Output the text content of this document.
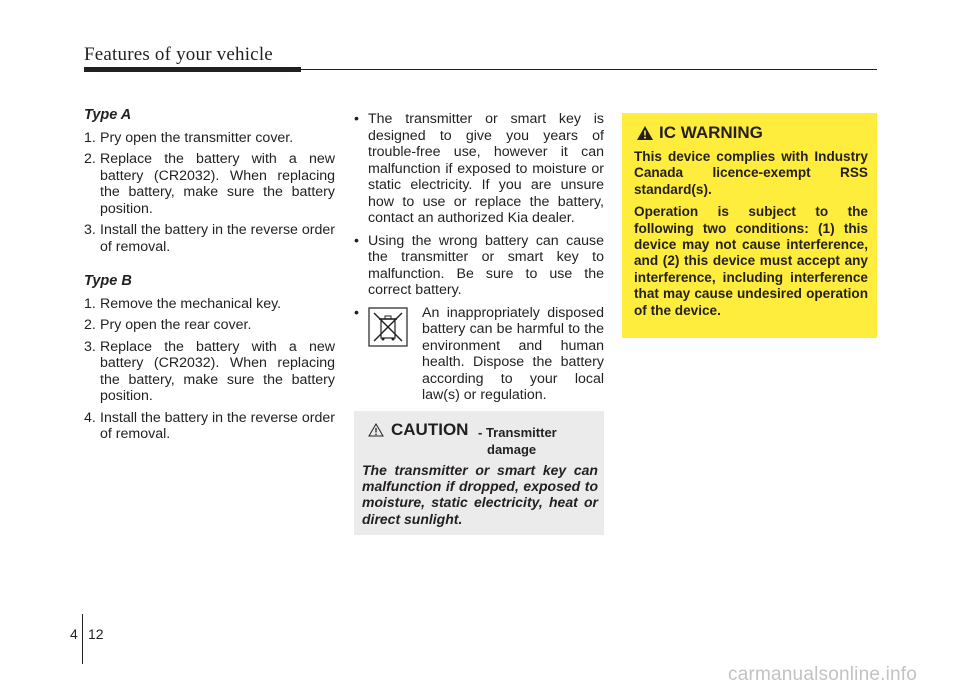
Features of your vehicle
Type A
1. Pry open the transmitter cover.
2. Replace the battery with a new battery (CR2032). When replacing the battery, make sure the battery position.
3. Install the battery in the reverse order of removal.
Type B
1. Remove the mechanical key.
2. Pry open the rear cover.
3. Replace the battery with a new battery (CR2032). When replacing the battery, make sure the battery position.
4. Install the battery in the reverse order of removal.
• The transmitter or smart key is designed to give you years of trouble-free use, however it can malfunction if exposed to moisture or static electricity. If you are unsure how to use or replace the battery, contact an authorized Kia dealer.
• Using the wrong battery can cause the transmitter or smart key to malfunction. Be sure to use the correct battery.
•	An inappropriately disposed battery can be harmful to the environment and human health. Dispose the battery according to your local law(s) or regulation.
CAUTION - Transmitter
damage
The transmitter or smart key can malfunction if dropped, exposed to moisture, static electricity, heat or direct sunlight.
IC WARNING

This device complies with Industry Canada licence-exempt RSS standard(s).

Operation is subject to the following two conditions: (1) this device may not cause interference, and (2) this device must accept any interference, including interference that may cause undesired operation of the device.

4 12
carmanualsonline.info
